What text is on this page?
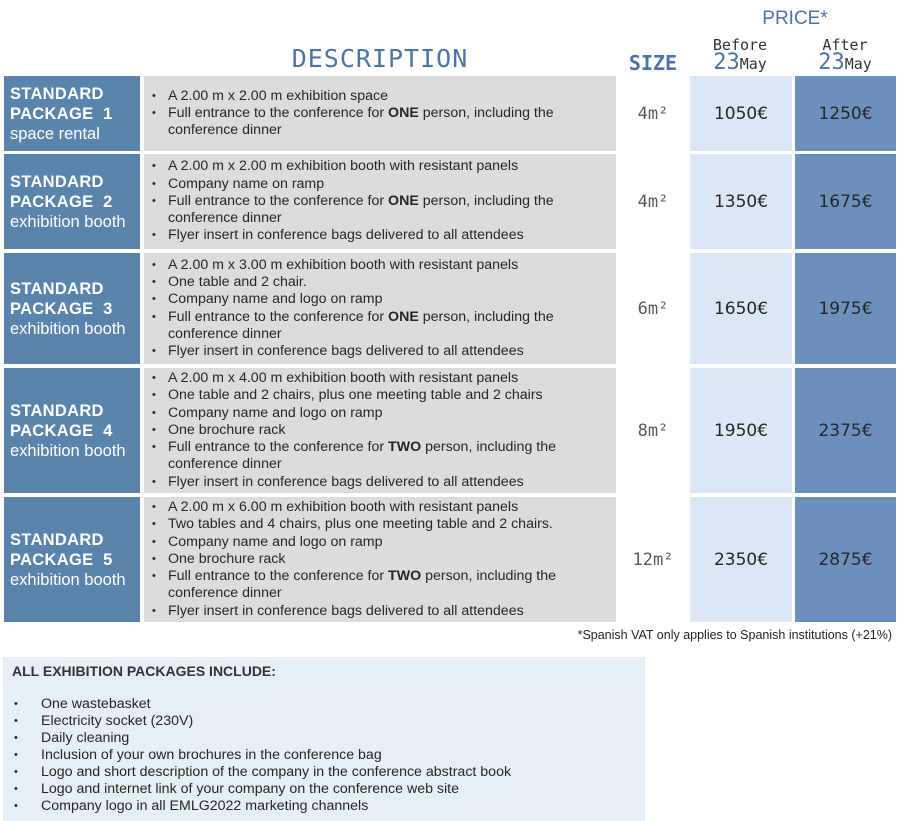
DESCRIPTION	SIZE
PRICE*
Before
23May
After
23May
STANDARD
PACKAGE  1
space rental
• A 2.00 m x 2.00 m exhibition space
• Full entrance to the conference for ONE person, including the conference dinner
4m²	1050€	1250€
STANDARD
PACKAGE  2
exhibition booth
• A 2.00 m x 2.00 m exhibition booth with resistant panels
• Company name on ramp
• Full entrance to the conference for ONE person, including the conference dinner
• Flyer insert in conference bags delivered to all attendees
4m²	1350€	1675€
STANDARD
PACKAGE  3
exhibition booth
• A 2.00 m x 3.00 m exhibition booth with resistant panels
• One table and 2 chair.
• Company name and logo on ramp
• Full entrance to the conference for ONE person, including the conference dinner
• Flyer insert in conference bags delivered to all attendees
6m²	1650€	1975€
STANDARD
PACKAGE  4
exhibition booth
• A 2.00 m x 4.00 m exhibition booth with resistant panels
• One table and 2 chairs, plus one meeting table and 2 chairs
• Company name and logo on ramp
• One brochure rack
• Full entrance to the conference for TWO person, including the conference dinner
• Flyer insert in conference bags delivered to all attendees
8m²	1950€	2375€
STANDARD
PACKAGE  5
exhibition booth
• A 2.00 m x 6.00 m exhibition booth with resistant panels
• Two tables and 4 chairs, plus one meeting table and 2 chairs.
• Company name and logo on ramp
• One brochure rack
• Full entrance to the conference for TWO person, including the conference dinner
• Flyer insert in conference bags delivered to all attendees
12m²	2350€	2875€
*Spanish VAT only applies to Spanish institutions (+21%)
ALL EXHIBITION PACKAGES INCLUDE:
• One wastebasket
• Electricity socket (230V)
• Daily cleaning
• Inclusion of your own brochures in the conference bag
• Logo and short description of the company in the conference abstract book
• Logo and internet link of your company on the conference web site
• Company logo in all EMLG2022 marketing channels
